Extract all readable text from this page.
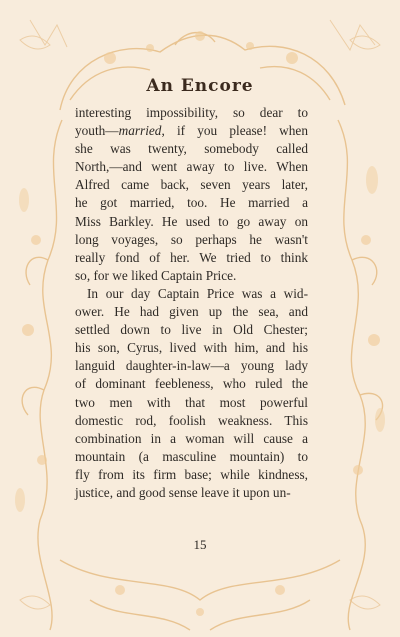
An Encore
interesting impossibility, so dear to
youth—married, if you please! when
she was twenty, somebody called
North,—and went away to live. When
Alfred came back, seven years later,
he got married, too. He married a
Miss Barkley. He used to go away on
long voyages, so perhaps he wasn't
really fond of her. We tried to think
so, for we liked Captain Price.
In our day Captain Price was a wid-
ower. He had given up the sea, and
settled down to live in Old Chester;
his son, Cyrus, lived with him, and his
languid daughter-in-law—a young lady
of dominant feebleness, who ruled the
two men with that most powerful
domestic rod, foolish weakness. This
combination in a woman will cause a
mountain (a masculine mountain) to
fly from its firm base; while kindness,
justice, and good sense leave it upon un-
15
